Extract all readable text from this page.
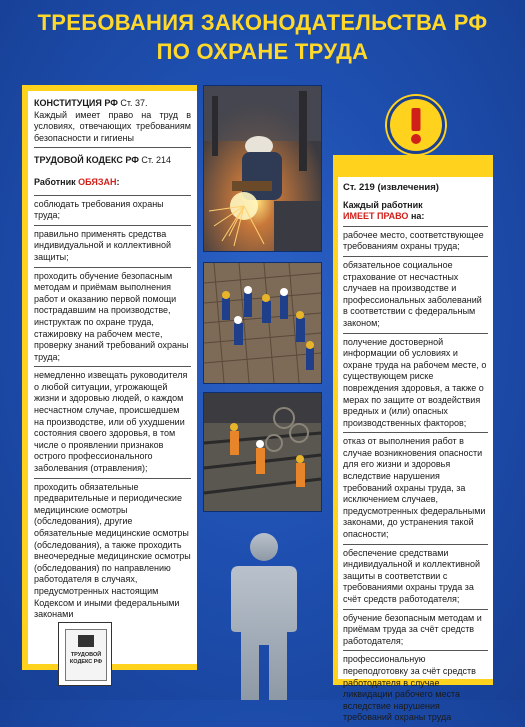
ТРЕБОВАНИЯ ЗАКОНОДАТЕЛЬСТВА РФ
ПО ОХРАНЕ ТРУДА
КОНСТИТУЦИЯ РФ Ст. 37.
Каждый имеет право на труд в условиях, отвечающих требованиям безопасности и гигиены
ТРУДОВОЙ КОДЕКС РФ Ст. 214
Работник ОБЯЗАН:
соблюдать требования охраны труда;
правильно применять средства индивидуальной и коллективной защиты;
проходить обучение безопасным методам и приёмам выполнения работ и оказанию первой помощи пострадавшим на производстве, инструктаж по охране труда, стажировку на рабочем месте, проверку знаний требований охраны труда;
немедленно извещать руководителя о любой ситуации, угрожающей жизни и здоровью людей, о каждом несчастном случае, происшедшем на производстве, или об ухудшении состояния своего здоровья, в том числе о проявлении признаков острого профессионального заболевания (отравления);
проходить обязательные предварительные и периодические медицинские осмотры (обследования), другие обязательные медицинские осмотры (обследования), а также проходить внеочередные медицинские осмотры (обследования) по направлению работодателя в случаях, предусмотренных настоящим Кодексом и иными федеральными законами
Ст. 219 (извлечения)
Каждый работник
ИМЕЕТ ПРАВО на:
рабочее место, соответствующее требованиям охраны труда;
обязательное социальное страхование от несчастных случаев на производстве и профессиональных заболеваний в соответствии с федеральным законом;
получение достоверной информации об условиях и охране труда на рабочем месте, о существующем риске повреждения здоровья, а также о мерах по защите от воздействия вредных и (или) опасных производственных факторов;
отказ от выполнения работ в случае возникновения опасности для его жизни и здоровья вследствие нарушения требований охраны труда, за исключением случаев, предусмотренных федеральными законами, до устранения такой опасности;
обеспечение средствами индивидуальной и коллективной защиты в соответствии с требованиями охраны труда за счёт средств работодателя;
обучение безопасным методам и приёмам труда за счёт средств работодателя;
профессиональную переподготовку за счёт средств работодателя в случае ликвидации рабочего места вследствие нарушения требований охраны труда
ТРУДОВОЙ КОДЕКС РФ
